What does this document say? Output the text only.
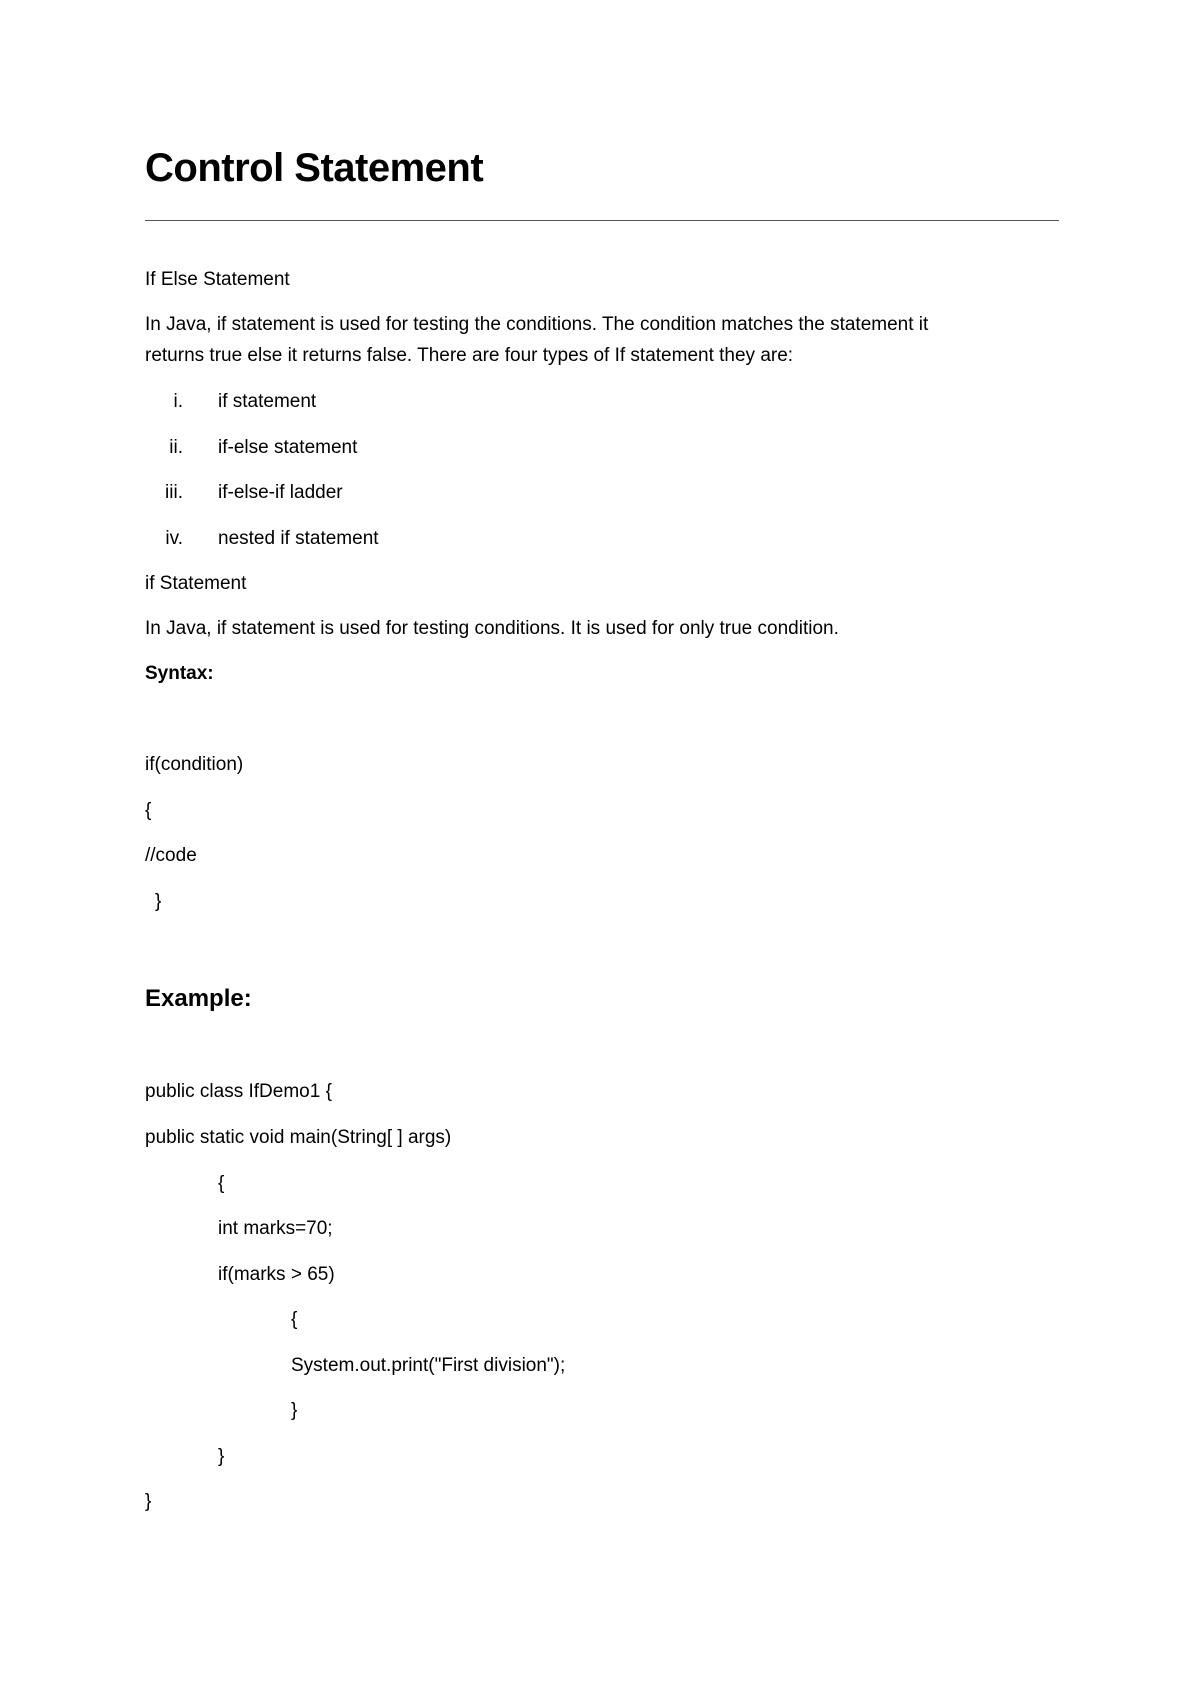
Control Statement
If Else Statement
In Java, if statement is used for testing the conditions. The condition matches the statement it
returns true else it returns false. There are four types of If statement they are:
i. if statement
ii. if-else statement
iii. if-else-if ladder
iv. nested if statement
if Statement
In Java, if statement is used for testing conditions. It is used for only true condition.
Syntax:
if(condition)
{
//code
}
Example:
public class IfDemo1 {
public static void main(String[ ] args)
{
int marks=70;
if(marks > 65)
{
System.out.print("First division");
}
}
}
